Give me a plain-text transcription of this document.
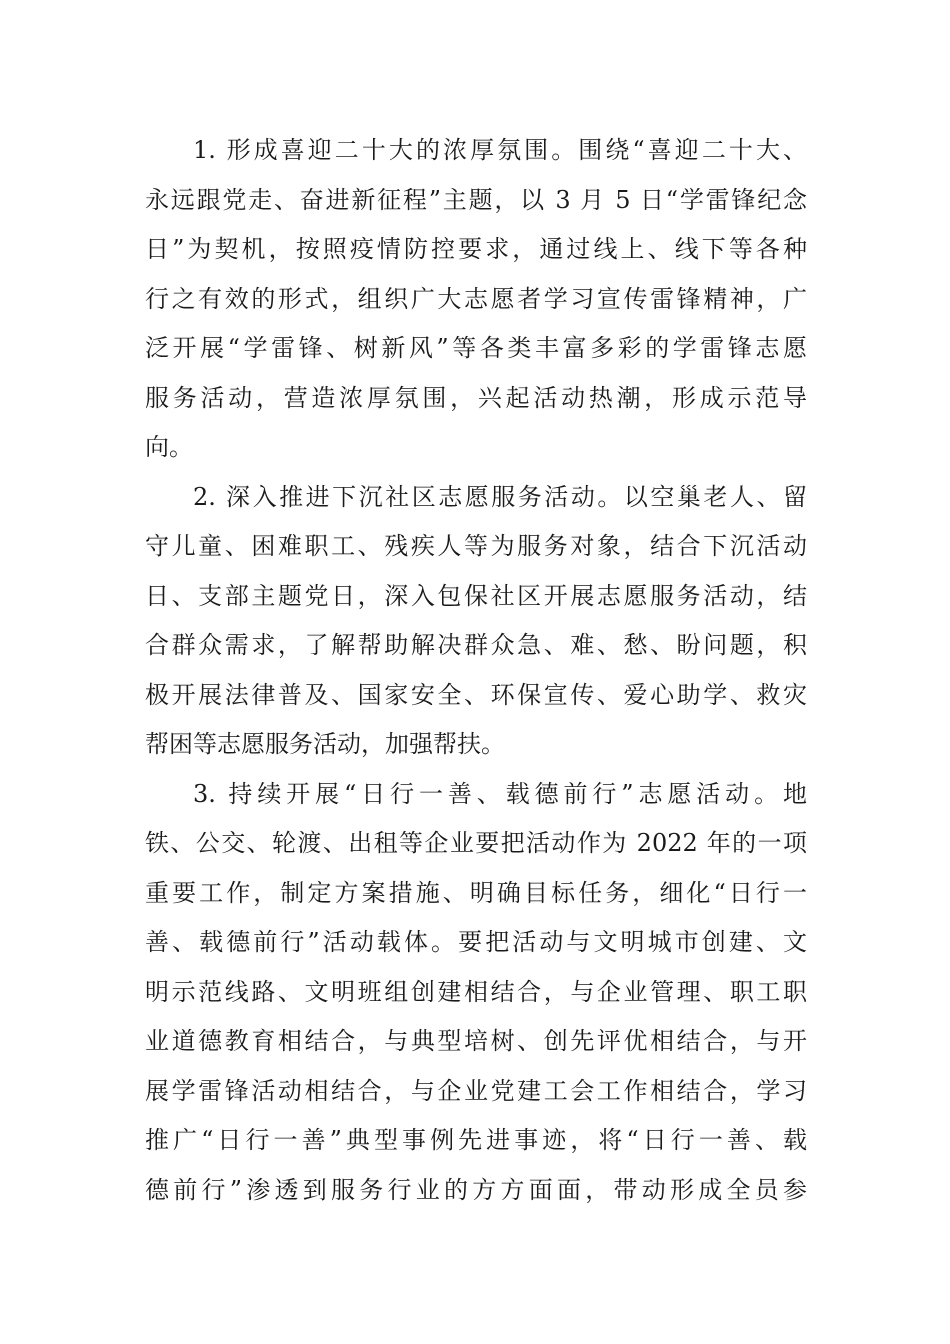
1. 形成喜迎二十大的浓厚氛围。围绕“喜迎二十大、
永远跟党走、奋进新征程”主题，以 3 月 5 日“学雷锋纪念
日”为契机，按照疫情防控要求，通过线上、线下等各种
行之有效的形式，组织广大志愿者学习宣传雷锋精神，广
泛开展“学雷锋、树新风”等各类丰富多彩的学雷锋志愿
服务活动，营造浓厚氛围，兴起活动热潮，形成示范导
向。
2. 深入推进下沉社区志愿服务活动。以空巢老人、留
守儿童、困难职工、残疾人等为服务对象，结合下沉活动
日、支部主题党日，深入包保社区开展志愿服务活动，结
合群众需求，了解帮助解决群众急、难、愁、盼问题，积
极开展法律普及、国家安全、环保宣传、爱心助学、救灾
帮困等志愿服务活动，加强帮扶。
3. 持续开展“日行一善、载德前行”志愿活动。地
铁、公交、轮渡、出租等企业要把活动作为 2022 年的一项
重要工作，制定方案措施、明确目标任务，细化“日行一
善、载德前行”活动载体。要把活动与文明城市创建、文
明示范线路、文明班组创建相结合，与企业管理、职工职
业道德教育相结合，与典型培树、创先评优相结合，与开
展学雷锋活动相结合，与企业党建工会工作相结合，学习
推广“日行一善”典型事例先进事迹，将“日行一善、载
德前行”渗透到服务行业的方方面面，带动形成全员参
